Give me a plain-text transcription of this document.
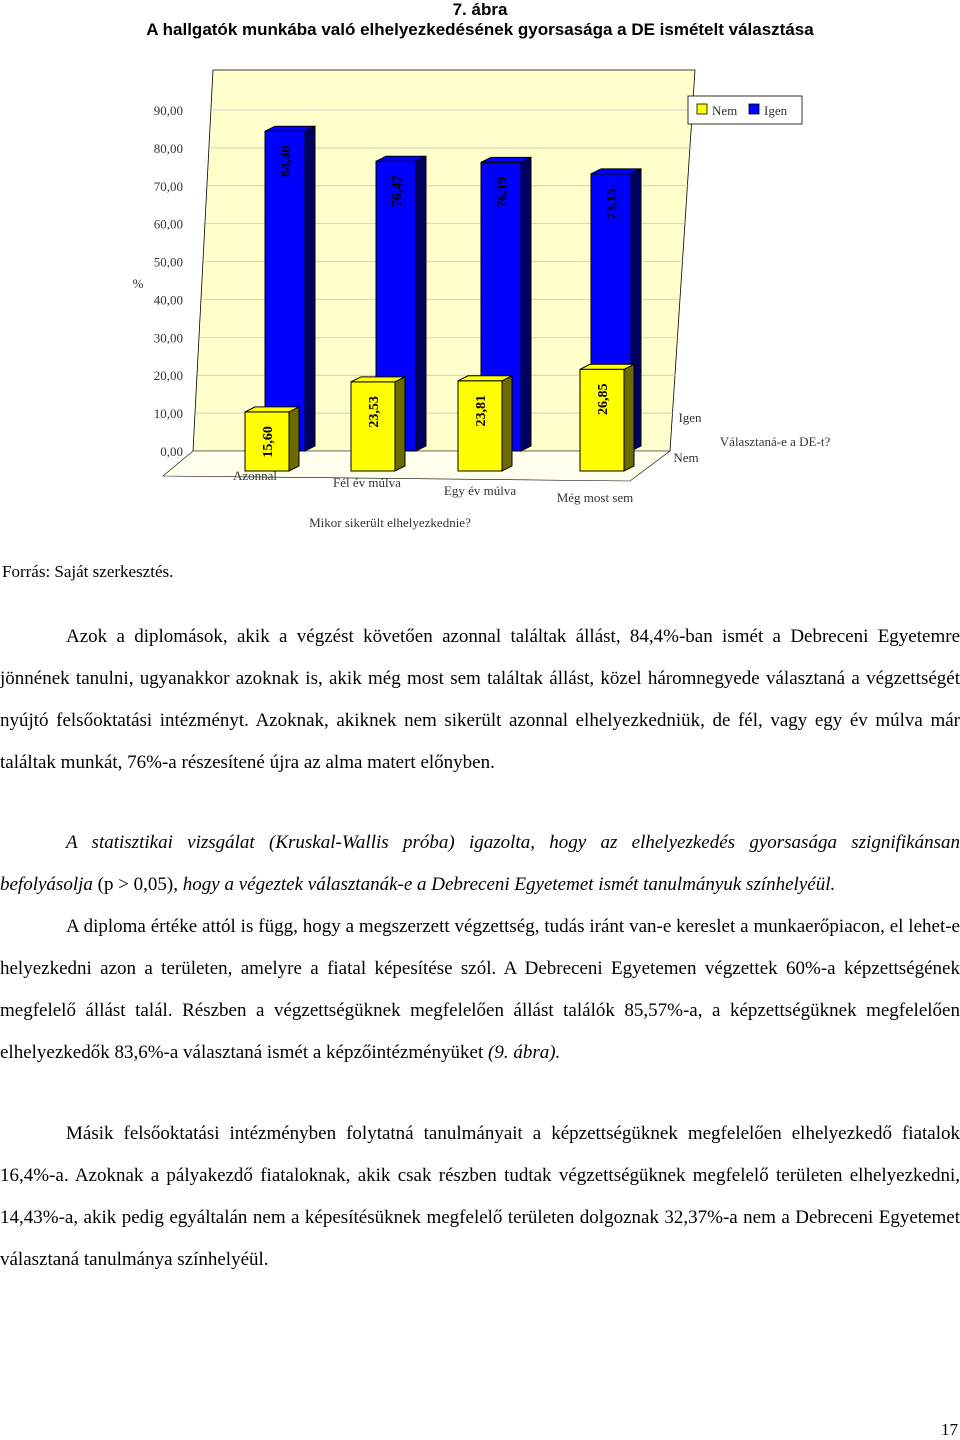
7. ábra
A hallgatók munkába való elhelyezkedésének gyorsasága a DE ismételt választása
0,00
10,00
20,00
30,00
40,00
50,00
60,00
70,00
80,00
90,00
%
84,40
76,47	76,19	73,15
15,60
23,53	23,81	26,85
Azonnal	Fél év múlva
Egy év múlva	Még most sem
Mikor sikerült elhelyezkednie?
Igen
Nem
Választaná-e a DE-t?
Nem Igen
Forrás: Saját szerkesztés.

Azok a diplomások, akik a végzést követően azonnal találtak állást, 84,4%-ban ismét a Debreceni Egyetemre jönnének tanulni, ugyanakkor azoknak is, akik még most sem találtak állást, közel háromnegyede választaná a végzettségét nyújtó felsőoktatási intézményt. Azoknak, akiknek nem sikerült azonnal elhelyezkedniük, de fél, vagy egy év múlva már találtak munkát, 76%-a részesítené újra az alma matert előnyben.

A statisztikai vizsgálat (Kruskal-Wallis próba) igazolta, hogy az elhelyezkedés gyorsasága szignifikánsan befolyásolja (p > 0,05), hogy a végeztek választanák-e a Debreceni Egyetemet ismét tanulmányuk színhelyéül.

A diploma értéke attól is függ, hogy a megszerzett végzettség, tudás iránt van-e kereslet a munkaerőpiacon, el lehet-e helyezkedni azon a területen, amelyre a fiatal képesítése szól. A Debreceni Egyetemen végzettek 60%-a képzettségének megfelelő állást talál. Részben a végzettségüknek megfelelően állást találók 85,57%-a, a képzettségüknek megfelelően elhelyezkedők 83,6%-a választaná ismét a képzőintézményüket (9. ábra).

Másik felsőoktatási intézményben folytatná tanulmányait a képzettségüknek megfelelően elhelyezkedő fiatalok 16,4%-a. Azoknak a pályakezdő fiataloknak, akik csak részben tudtak végzettségüknek megfelelő területen elhelyezkedni, 14,43%-a, akik pedig egyáltalán nem a képesítésüknek megfelelő területen dolgoznak 32,37%-a nem a Debreceni Egyetemet választaná tanulmánya színhelyéül.

17
